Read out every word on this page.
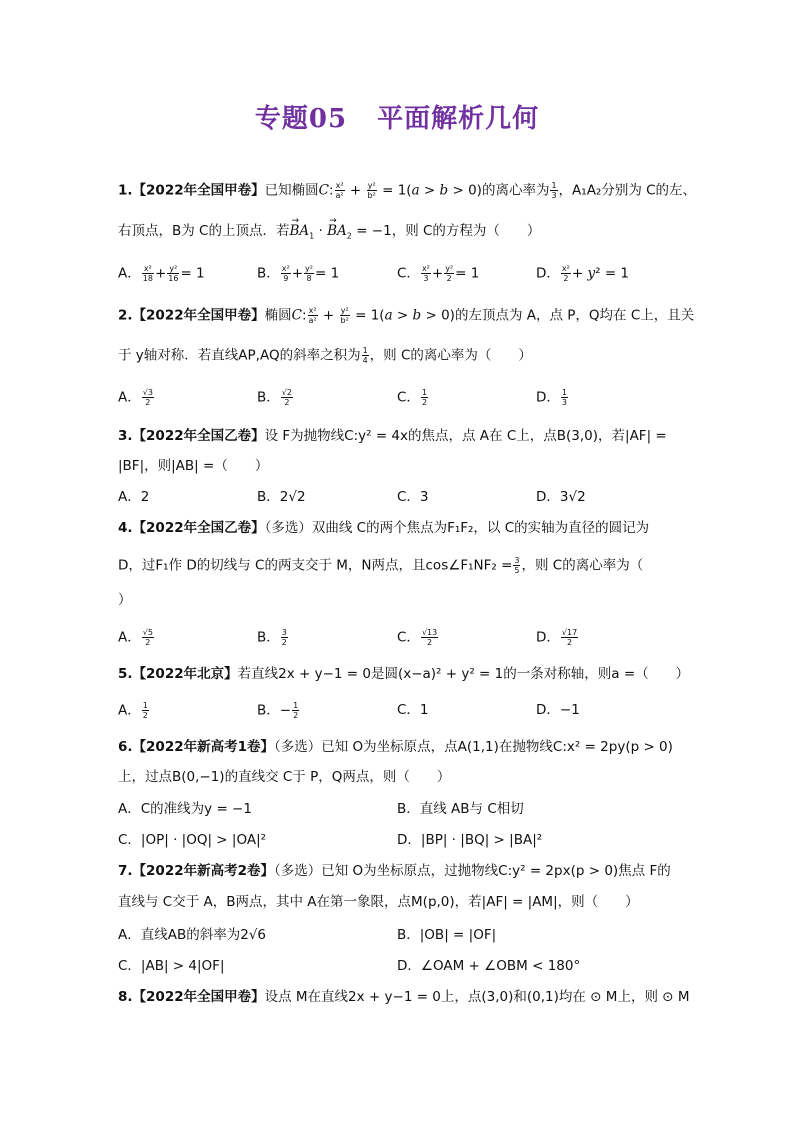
专题05 平面解析几何
1.【2022年全国甲卷】已知椭圆C: $\frac{\text{x²}}{\text{a²}} + \frac{\text{y²}}{\text{b²}} = 1(a > b > 0)$的离心率为 $\frac{1}{3}$ ，A₁A₂分别为 C的左、
右顶点，B为 C的上顶点．若→ $BA_1$ · → $BA_2 = -1$，则 C的方程为（　　）
A． $\frac{\text{x²}}{18} + \frac{\text{y²}}{16} = 1$	B． $\frac{\text{x²}}{9} + \frac{\text{y²}}{8} = 1$	C． $\frac{\text{x²}}{3} + \frac{\text{y²}}{2} = 1$	D． $\frac{\text{x²}}{2} + y^2 = 1$
2.【2022年全国甲卷】椭圆C: $\frac{\text{x²}}{\text{a²}} + \frac{\text{y²}}{\text{b²}} = 1(a > b > 0)$的左顶点为 A，点 P，Q均在 C上，且关
于 y轴对称．若直线AP,AQ的斜率之积为 $\frac{1}{4}$ ，则 C的离心率为（　　）
A． $\frac{√3}{2}$	B． $\frac{√2}{2}$	C． $\frac{1}{2}$	D． $\frac{1}{3}$
3.【2022年全国乙卷】设 F为抛物线C:y² = 4x的焦点，点 A在 C上，点B(3,0)，若|AF| =
|BF|，则|AB| =（　　）
A．2	B．2√2	C．3	D．3√2
4.【2022年全国乙卷】（多选）双曲线 C的两个焦点为F₁F₂，以 C的实轴为直径的圆记为
D，过F₁作 D的切线与 C的两支交于 M，N两点，且cos∠F₁NF₂ = $\frac{3}{5}$ ，则 C的离心率为（
）
A． $\frac{√5}{2}$	B． $\frac{3}{2}$	C． $\frac{√13}{2}$	D． $\frac{√17}{2}$
5.【2022年北京】若直线2x + y−1 = 0是圆(x−a)² + y² = 1的一条对称轴，则a =（　　）
A． $\frac{1}{2}$	B．− $\frac{1}{2}$	C．1	D．−1
6.【2022年新高考1卷】（多选）已知 O为坐标原点，点A(1,1)在抛物线C:x² = 2py(p > 0)
上，过点B(0,−1)的直线交 C于 P，Q两点，则（　　）
A．C的准线为y = −1	B．直线 AB与 C相切
C．|OP| · |OQ| > |OA|²	D．|BP| · |BQ| > |BA|²
7.【2022年新高考2卷】（多选）已知 O为坐标原点，过抛物线C:y² = 2px(p > 0)焦点 F的
直线与 C交于 A，B两点，其中 A在第一象限，点M(p,0)，若|AF| = |AM|，则（　　）
A．直线AB的斜率为2√6	B．|OB| = |OF|
C．|AB| > 4|OF|	D．∠OAM + ∠OBM < 180°
8.【2022年全国甲卷】设点 M在直线2x + y−1 = 0上，点(3,0)和(0,1)均在 ⊙ M上，则 ⊙ M
